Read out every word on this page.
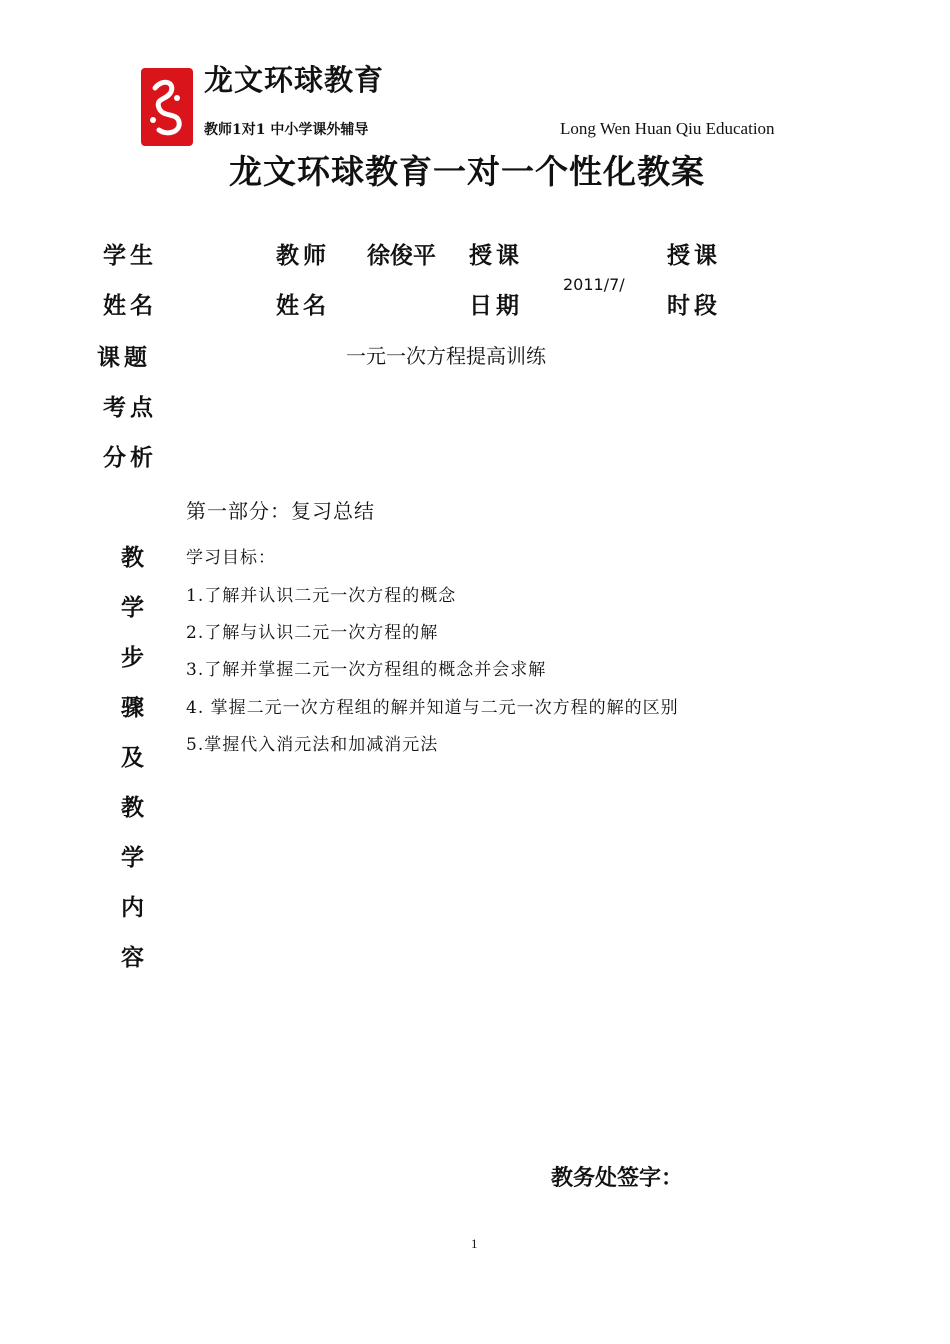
龙文环球教育
教师1对1 中小学课外辅导	Long Wen Huan Qiu Education
龙文环球教育一对一个性化教案
学生
姓名
教师
姓名
徐俊平 授课
日期
2011/7/
授课
时段
课题	一元一次方程提高训练
考点
分析
教
学
步
骤
及
教
学
内
容
第一部分：复习总结
学习目标：
1.了解并认识二元一次方程的概念
2.了解与认识二元一次方程的解
3.了解并掌握二元一次方程组的概念并会求解
4. 掌握二元一次方程组的解并知道与二元一次方程的解的区别
5.掌握代入消元法和加减消元法
教务处签字：
1
